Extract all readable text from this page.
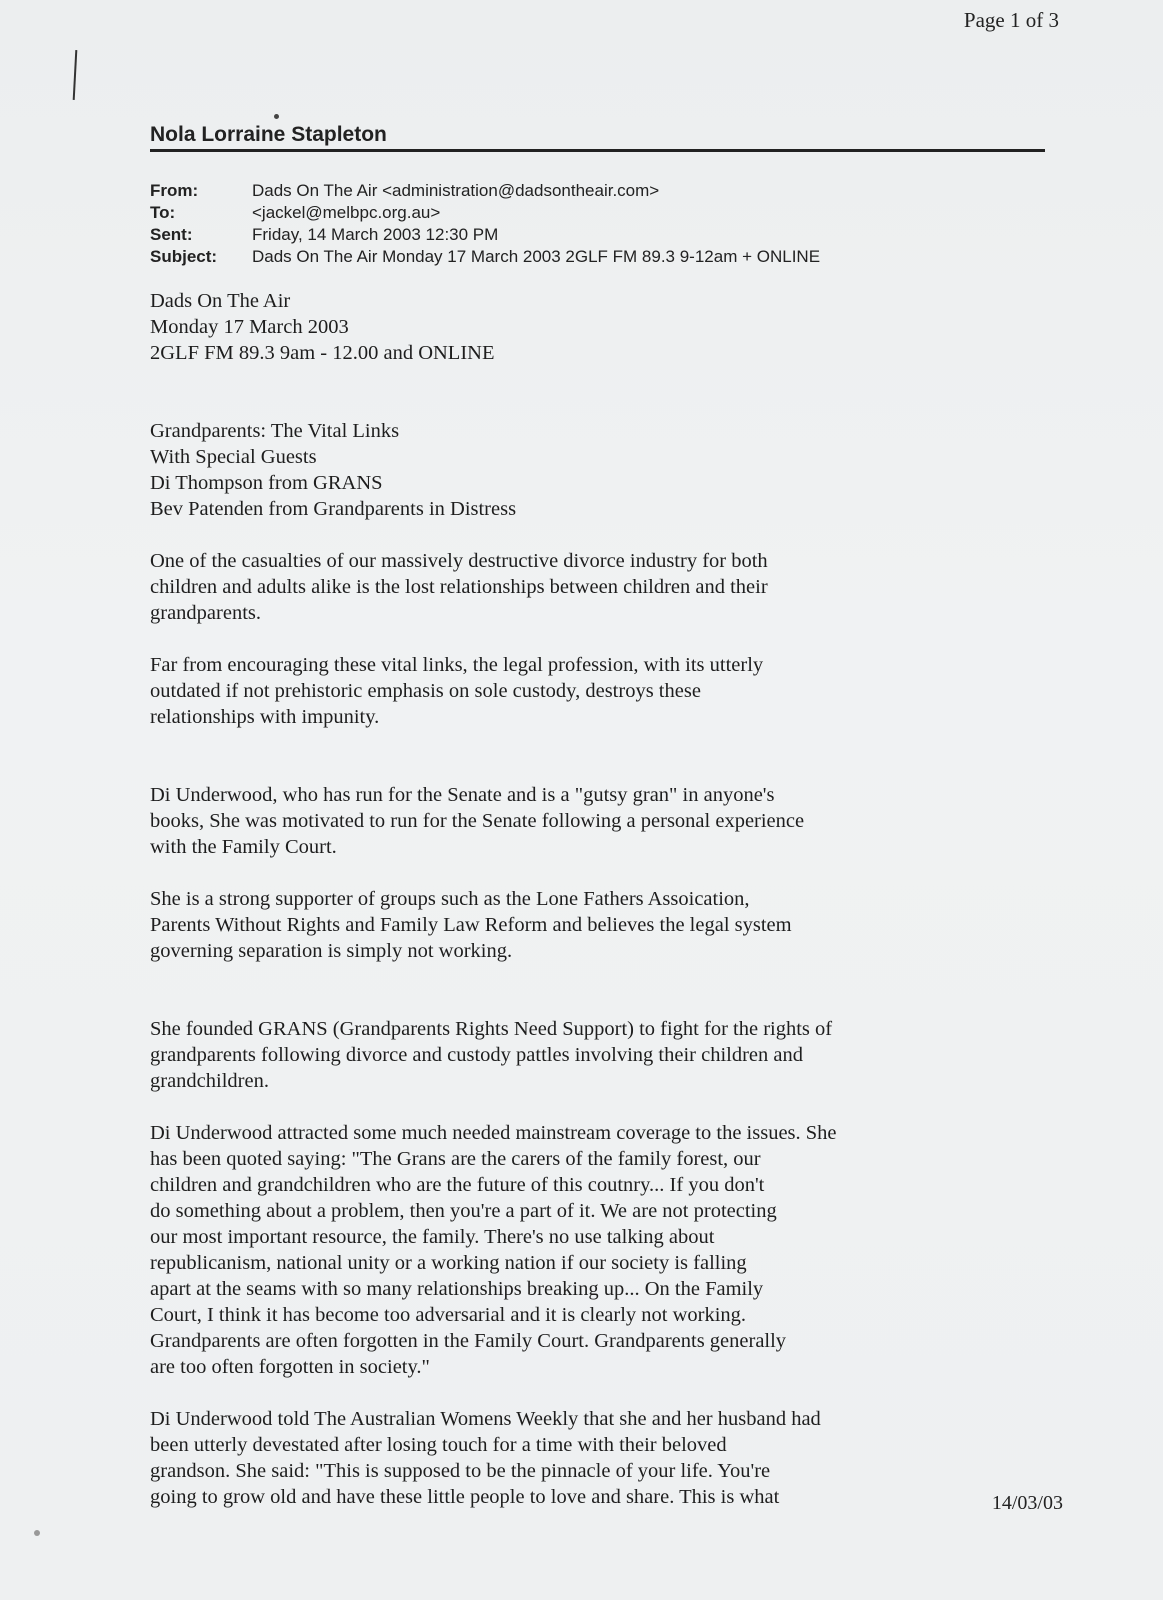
Page 1 of 3
Nola Lorraine Stapleton
From:	Dads On The Air <administration@dadsontheair.com>
To:	<jackel@melbpc.org.au>
Sent:	Friday, 14 March 2003 12:30 PM
Subject:	Dads On The Air Monday 17 March 2003 2GLF FM 89.3 9-12am + ONLINE
Dads On The Air
Monday 17 March 2003
2GLF FM 89.3 9am - 12.00 and ONLINE
Grandparents: The Vital Links
With Special Guests
Di Thompson from GRANS
Bev Patenden from Grandparents in Distress
One of the casualties of our massively destructive divorce industry for both
children and adults alike is the lost relationships between children and their
grandparents.
Far from encouraging these vital links, the legal profession, with its utterly
outdated if not prehistoric emphasis on sole custody, destroys these
relationships with impunity.
Di Underwood, who has run for the Senate and is a "gutsy gran" in anyone's
books, She was motivated to run for the Senate following a personal experience
with the Family Court.
She is a strong supporter of groups such as the Lone Fathers Assoication,
Parents Without Rights and Family Law Reform and believes the legal system
governing separation is simply not working.
She founded GRANS (Grandparents Rights Need Support) to fight for the rights of
grandparents following divorce and custody pattles involving their children and
grandchildren.
Di Underwood attracted some much needed mainstream coverage to the issues. She
has been quoted saying: "The Grans are the carers of the family forest, our
children and grandchildren who are the future of this coutnry... If you don't
do something about a problem, then you're a part of it. We are not protecting
our most important resource, the family. There's no use talking about
republicanism, national unity or a working nation if our society is falling
apart at the seams with so many relationships breaking up... On the Family
Court, I think it has become too adversarial and it is clearly not working.
Grandparents are often forgotten in the Family Court. Grandparents generally
are too often forgotten in society."
Di Underwood told The Australian Womens Weekly that she and her husband had
been utterly devestated after losing touch for a time with their beloved
grandson. She said: "This is supposed to be the pinnacle of your life. You're
going to grow old and have these little people to love and share. This is what	14/03/03
